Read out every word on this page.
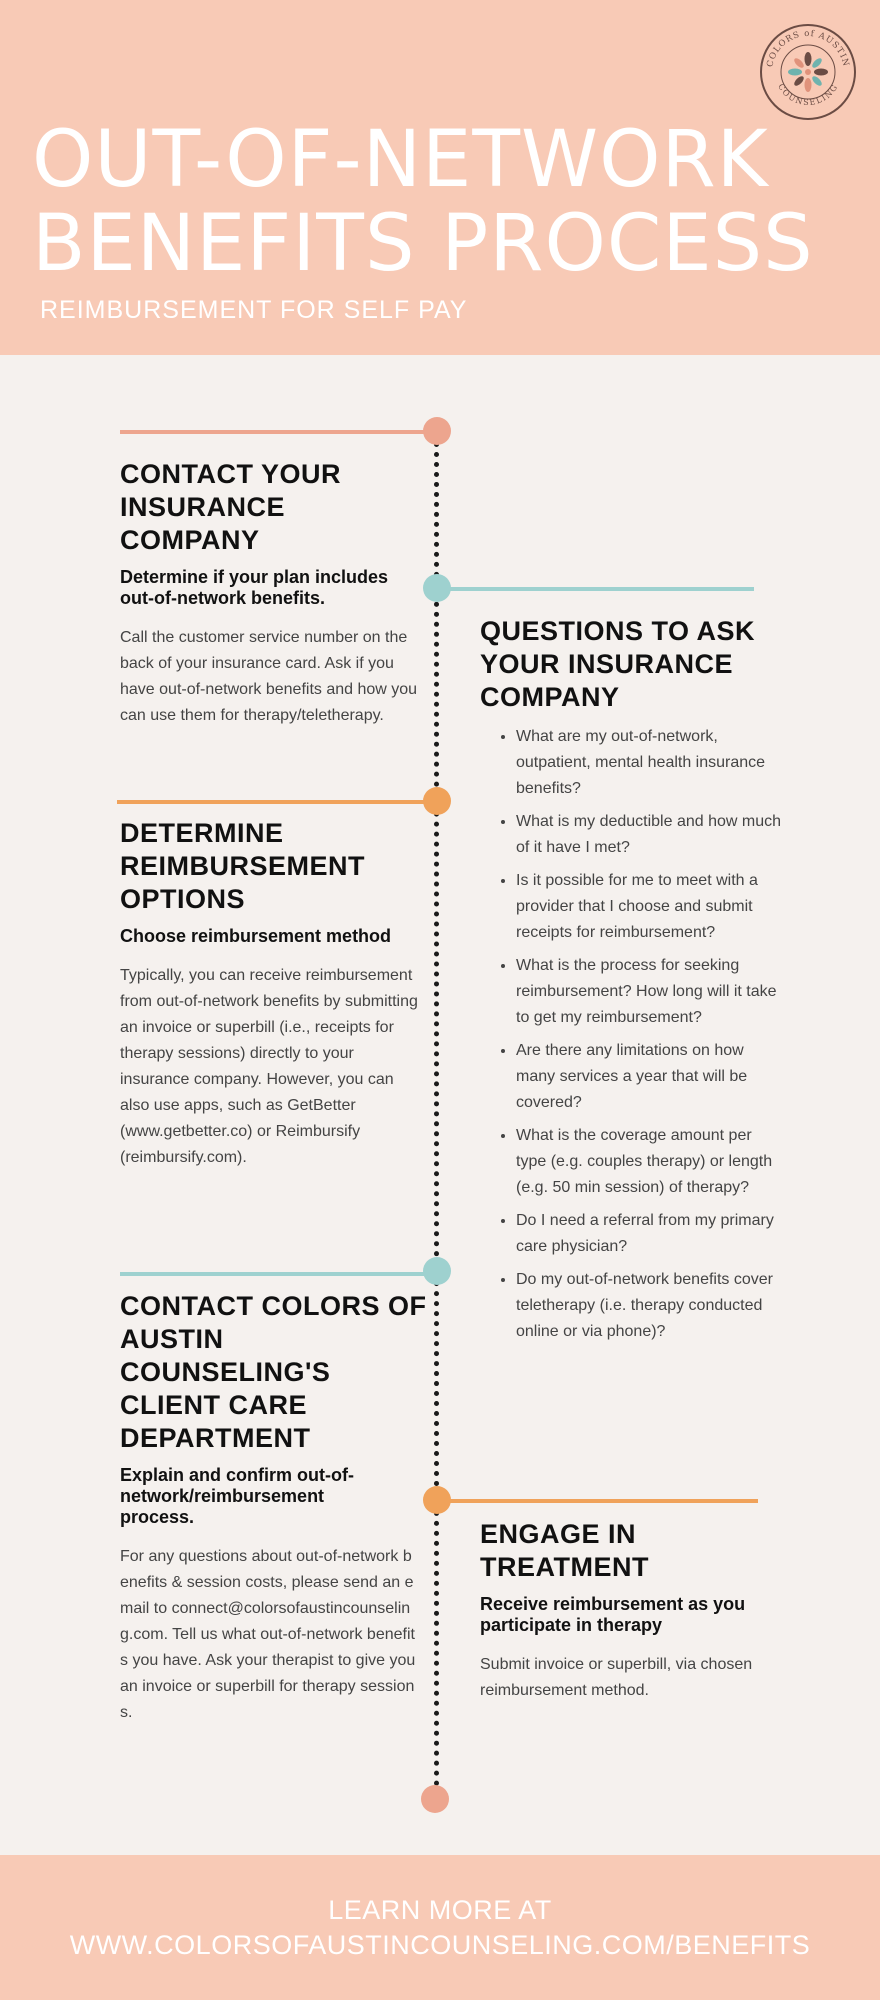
COLORS of AUSTIN
COUNSELING
OUT-OF-NETWORK
BENEFITS PROCESS
REIMBURSEMENT FOR SELF PAY
CONTACT YOUR INSURANCE COMPANY
Determine if your plan includes out-of-network benefits.

Call the customer service number on the back of your insurance card. Ask if you have out-of-network benefits and how you can use them for therapy/teletherapy.

QUESTIONS TO ASK YOUR INSURANCE COMPANY
• What are my out-of-network, outpatient, mental health insurance benefits?
• What is my deductible and how much of it have I met?
• Is it possible for me to meet with a provider that I choose and submit receipts for reimbursement?
• What is the process for seeking reimbursement? How long will it take to get my reimbursement?
• Are there any limitations on how many services a year that will be covered?
• What is the coverage amount per type (e.g. couples therapy) or length (e.g. 50 min session) of therapy?
• Do I need a referral from my primary care physician?
• Do my out-of-network benefits cover teletherapy (i.e. therapy conducted online or via phone)?
DETERMINE REIMBURSEMENT OPTIONS
Choose reimbursement method

Typically, you can receive reimbursement from out-of-network benefits by submitting an invoice or superbill (i.e., receipts for therapy sessions) directly to your insurance company. However, you can also use apps, such as GetBetter (www.getbetter.co) or Reimbursify (reimbursify.com).

CONTACT COLORS OF AUSTIN COUNSELING'S CLIENT CARE DEPARTMENT
Explain and confirm out-of-network/reimbursement process.

For any questions about out-of-network benefits & session costs, please send an email to connect@colorsofaustincounseling.com. Tell us what out-of-network benefits you have. Ask your therapist to give you an invoice or superbill for therapy sessions.

ENGAGE IN TREATMENT
Receive reimbursement as you participate in therapy

Submit invoice or superbill, via chosen reimbursement method.

LEARN MORE AT
WWW.COLORSOFAUSTINCOUNSELING.COM/BENEFITS
